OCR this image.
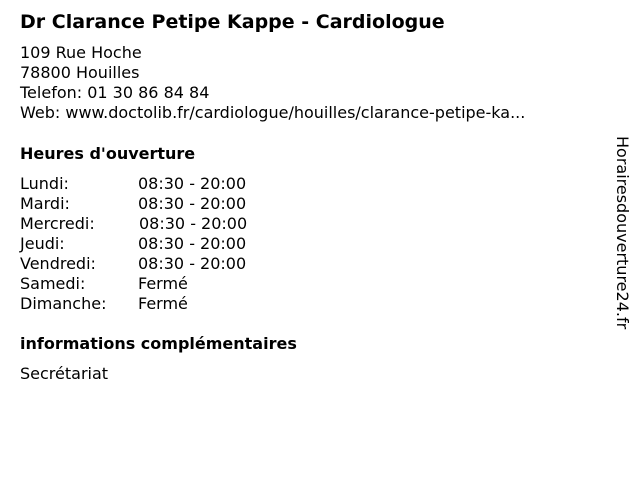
Dr Clarance Petipe Kappe - Cardiologue
109 Rue Hoche
78800 Houilles
Telefon: 01 30 86 84 84
Web: www.doctolib.fr/cardiologue/houilles/clarance-petipe-ka...
Heures d'ouverture
Lundi:	08:30 - 20:00
Mardi:	08:30 - 20:00
Mercredi:	08:30 - 20:00
Jeudi:	08:30 - 20:00
Vendredi:	08:30 - 20:00
Samedi:	Fermé
Dimanche: Fermé
informations complémentaires
Secrétariat
Horairesdouverture24.fr
